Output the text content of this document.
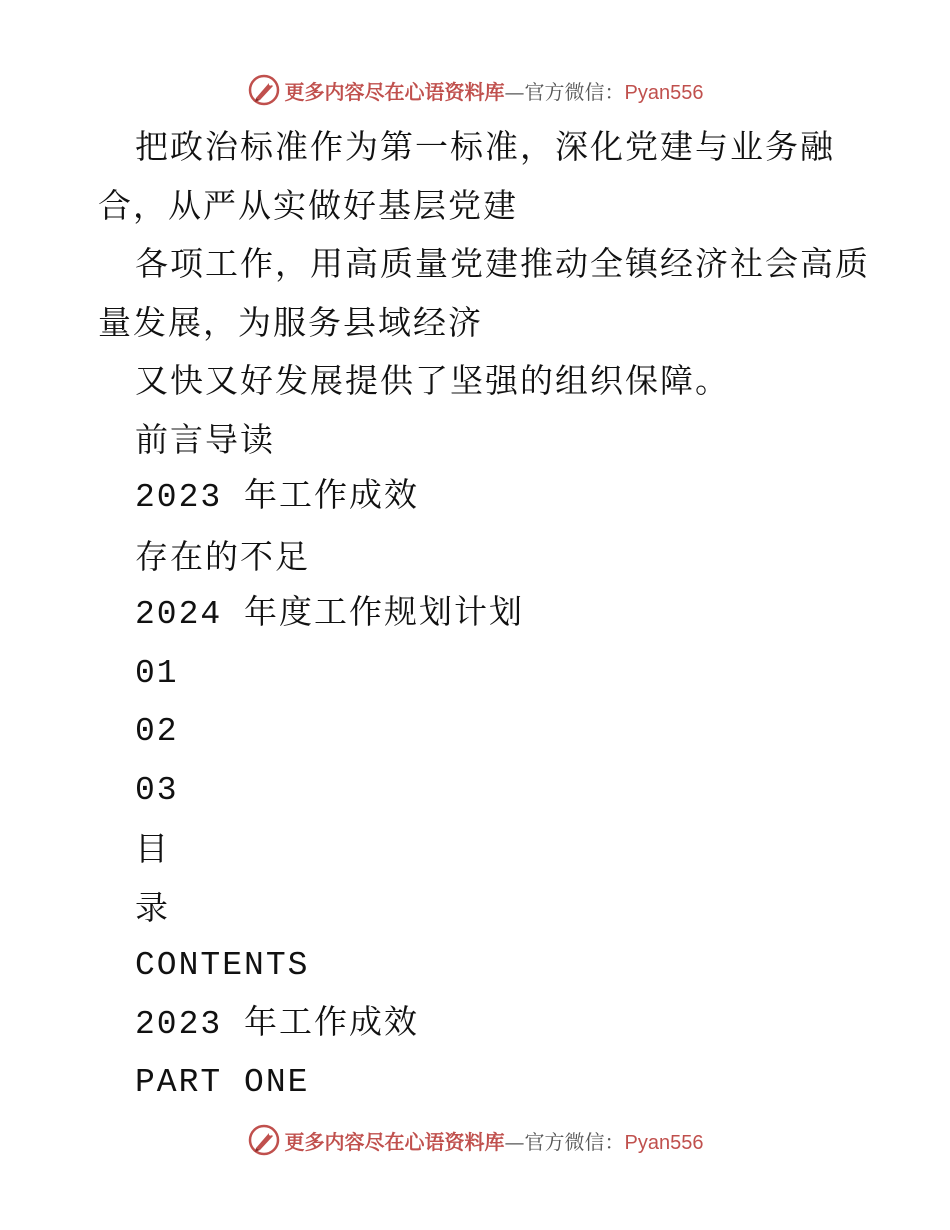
更多内容尽在心语资料库—官方微信：Pyan556
把政治标准作为第一标准，深化党建与业务融
合，从严从实做好基层党建
各项工作，用高质量党建推动全镇经济社会高质
量发展，为服务县域经济
又快又好发展提供了坚强的组织保障。
前言导读
2023 年工作成效
存在的不足
2024 年度工作规划计划
01
02
03
目
录
CONTENTS
2023 年工作成效
PART ONE
更多内容尽在心语资料库—官方微信：Pyan556
